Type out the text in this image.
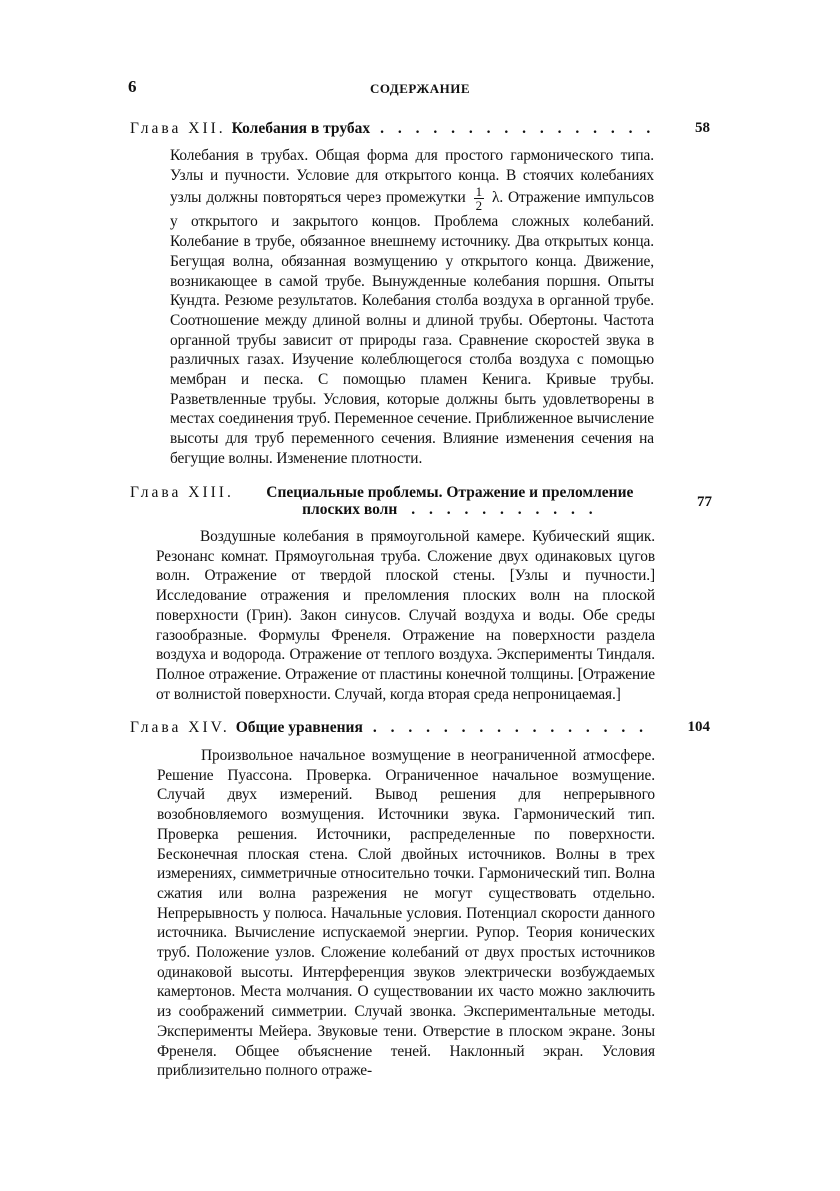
6	СОДЕРЖАНИЕ
Глава XII. Колебания в трубах . . . . . . . . . . . . . . . .	58

Колебания в трубах. Общая форма для простого гармонического типа. Узлы и пучности. Условие для открытого конца. В стоячих колебаниях узлы должны повторяться через промежутки $\frac{1}{2} \lambda$. Отражение импульсов у открытого и закрытого концов. Проблема сложных колебаний. Колебание в трубе, обязанное внешнему источнику. Два открытых конца. Бегущая волна, обязанная возмущению у открытого конца. Движение, возникающее в самой трубе. Вынужденные колебания поршня. Опыты Кундта. Резюме результатов. Колебания столба воздуха в органной трубе. Соотношение между длиной волны и длиной трубы. Обертоны. Частота органной трубы зависит от природы газа. Сравнение скоростей звука в различных газах. Изучение колеблющегося столба воздуха с помощью мембран и песка. С помощью пламен Кенига. Кривые трубы. Разветвленные трубы. Условия, которые должны быть удовлетворены в местах соединения труб. Переменное сечение. Приближенное вычисление высоты для труб переменного сечения. Влияние изменения сечения на бегущие волны. Изменение плотности.

Глава XIII.	Специальные проблемы. Отражение и преломление плоских волн . . . . . . . . . . .	77

Воздушные колебания в прямоугольной камере. Кубический ящик. Резонанс комнат. Прямоугольная труба. Сложение двух одинаковых цугов волн. Отражение от твердой плоской стены. [Узлы и пучности.] Исследование отражения и преломления плоских волн на плоской поверхности (Грин). Закон синусов. Случай воздуха и воды. Обе среды газообразные. Формулы Френеля. Отражение на поверхности раздела воздуха и водорода. Отражение от теплого воздуха. Эксперименты Тиндаля. Полное отражение. Отражение от пластины конечной толщины. [Отражение от волнистой поверхности. Случай, когда вторая среда непроницаемая.]

Глава XIV. Общие уравнения . . . . . . . . . . . . . . . .	104

Произвольное начальное возмущение в неограниченной атмосфере. Решение Пуассона. Проверка. Ограниченное начальное возмущение. Случай двух измерений. Вывод решения для непрерывного возобновляемого возмущения. Источники звука. Гармонический тип. Проверка решения. Источники, распределенные по поверхности. Бесконечная плоская стена. Слой двойных источников. Волны в трех измерениях, симметричные относительно точки. Гармонический тип. Волна сжатия или волна разрежения не могут существовать отдельно. Непрерывность у полюса. Начальные условия. Потенциал скорости данного источника. Вычисление испускаемой энергии. Рупор. Теория конических труб. Положение узлов. Сложение колебаний от двух простых источников одинаковой высоты. Интерференция звуков электрически возбуждаемых камертонов. Места молчания. О существовании их часто можно заключить из соображений симметрии. Случай звонка. Экспериментальные методы. Эксперименты Мейера. Звуковые тени. Отверстие в плоском экране. Зоны Френеля. Общее объяснение теней. Наклонный экран. Условия приблизительно полного отраже-
